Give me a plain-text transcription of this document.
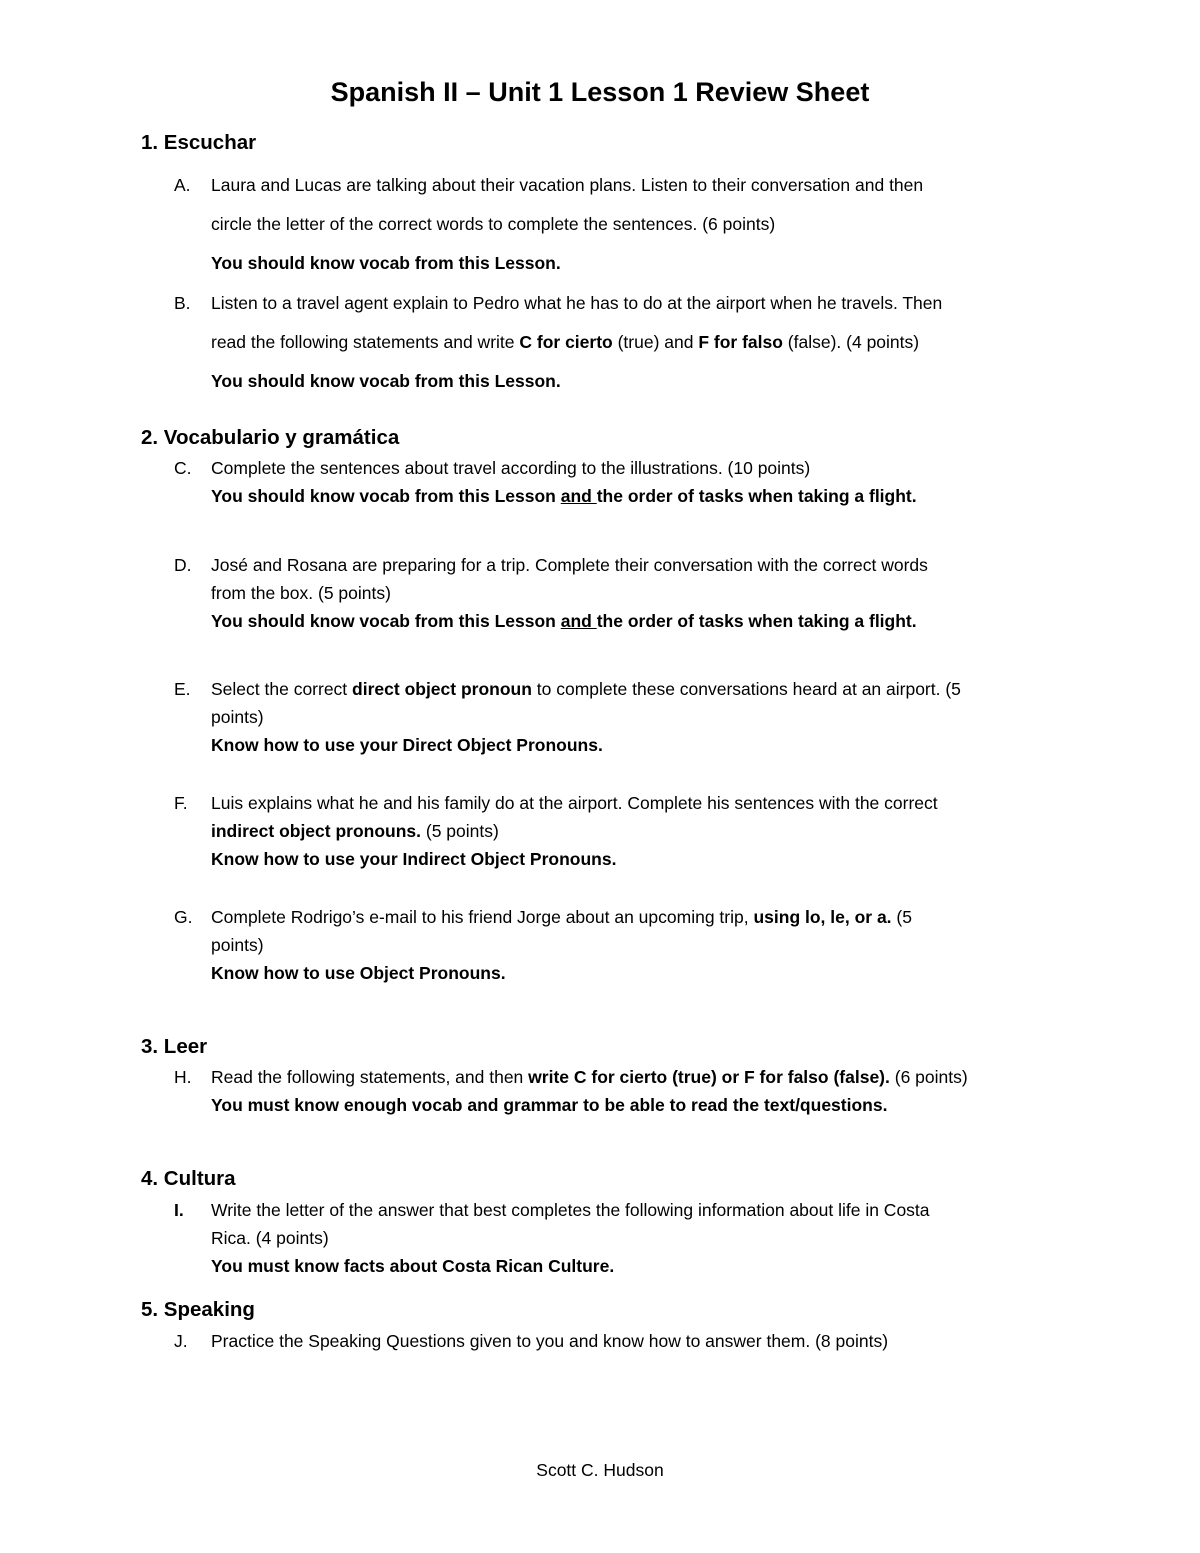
Spanish II – Unit 1 Lesson 1 Review Sheet
1. Escuchar
A. Laura and Lucas are talking about their vacation plans. Listen to their conversation and then
circle the letter of the correct words to complete the sentences. (6 points)
You should know vocab from this Lesson.
B. Listen to a travel agent explain to Pedro what he has to do at the airport when he travels. Then
read the following statements and write C for cierto (true) and F for falso (false). (4 points)
You should know vocab from this Lesson.
2. Vocabulario y gramática
C. Complete the sentences about travel according to the illustrations. (10 points)
You should know vocab from this Lesson and the order of tasks when taking a flight.
D. José and Rosana are preparing for a trip. Complete their conversation with the correct words
from the box. (5 points)
You should know vocab from this Lesson and the order of tasks when taking a flight.
E. Select the correct direct object pronoun to complete these conversations heard at an airport. (5
points)
Know how to use your Direct Object Pronouns.
F. Luis explains what he and his family do at the airport. Complete his sentences with the correct
indirect object pronouns. (5 points)
Know how to use your Indirect Object Pronouns.
G. Complete Rodrigo’s e-mail to his friend Jorge about an upcoming trip, using lo, le, or a. (5
points)
Know how to use Object Pronouns.
3. Leer
H. Read the following statements, and then write C for cierto (true) or F for falso (false). (6 points)
You must know enough vocab and grammar to be able to read the text/questions.
4. Cultura
I. Write the letter of the answer that best completes the following information about life in Costa
Rica. (4 points)
You must know facts about Costa Rican Culture.
5. Speaking
J. Practice the Speaking Questions given to you and know how to answer them. (8 points)
Scott C. Hudson
